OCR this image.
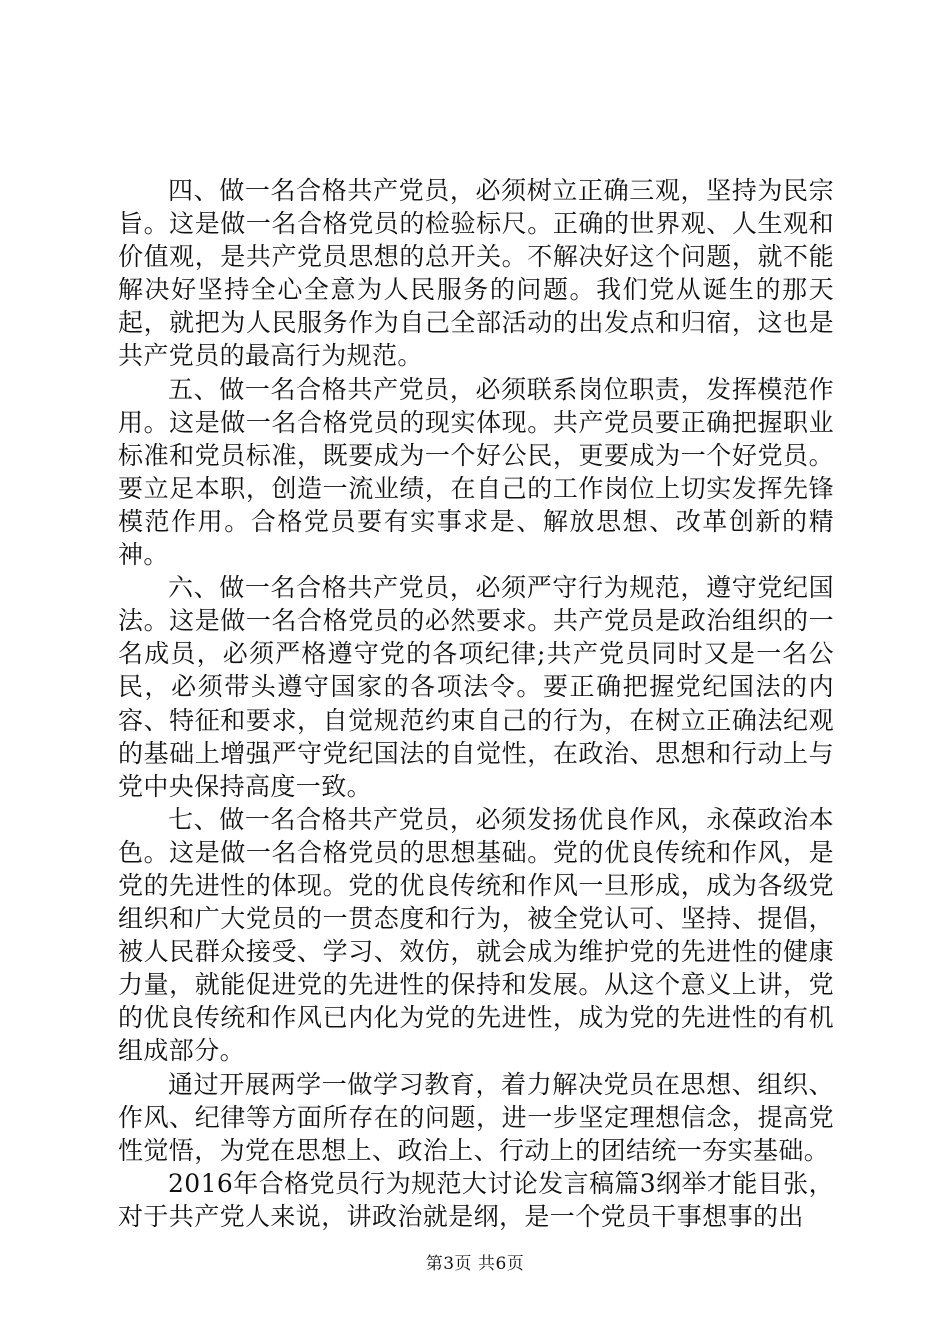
四、做一名合格共产党员，必须树立正确三观，坚持为民宗旨。这是做一名合格党员的检验标尺。正确的世界观、人生观和价值观，是共产党员思想的总开关。不解决好这个问题，就不能解决好坚持全心全意为人民服务的问题。我们党从诞生的那天起，就把为人民服务作为自己全部活动的出发点和归宿，这也是共产党员的最高行为规范。

五、做一名合格共产党员，必须联系岗位职责，发挥模范作用。这是做一名合格党员的现实体现。共产党员要正确把握职业标准和党员标准，既要成为一个好公民，更要成为一个好党员。要立足本职，创造一流业绩，在自己的工作岗位上切实发挥先锋模范作用。合格党员要有实事求是、解放思想、改革创新的精神。

六、做一名合格共产党员，必须严守行为规范，遵守党纪国法。这是做一名合格党员的必然要求。共产党员是政治组织的一名成员，必须严格遵守党的各项纪律;共产党员同时又是一名公民，必须带头遵守国家的各项法令。要正确把握党纪国法的内容、特征和要求，自觉规范约束自己的行为，在树立正确法纪观的基础上增强严守党纪国法的自觉性，在政治、思想和行动上与党中央保持高度一致。

七、做一名合格共产党员，必须发扬优良作风，永葆政治本色。这是做一名合格党员的思想基础。党的优良传统和作风，是党的先进性的体现。党的优良传统和作风一旦形成，成为各级党组织和广大党员的一贯态度和行为，被全党认可、坚持、提倡，被人民群众接受、学习、效仿，就会成为维护党的先进性的健康力量，就能促进党的先进性的保持和发展。从这个意义上讲，党的优良传统和作风已内化为党的先进性，成为党的先进性的有机组成部分。

通过开展两学一做学习教育，着力解决党员在思想、组织、作风、纪律等方面所存在的问题，进一步坚定理想信念，提高党性觉悟，为党在思想上、政治上、行动上的团结统一夯实基础。

2016年合格党员行为规范大讨论发言稿篇3纲举才能目张，对于共产党人来说，讲政治就是纲，是一个党员干事想事的出

第3页 共6页
